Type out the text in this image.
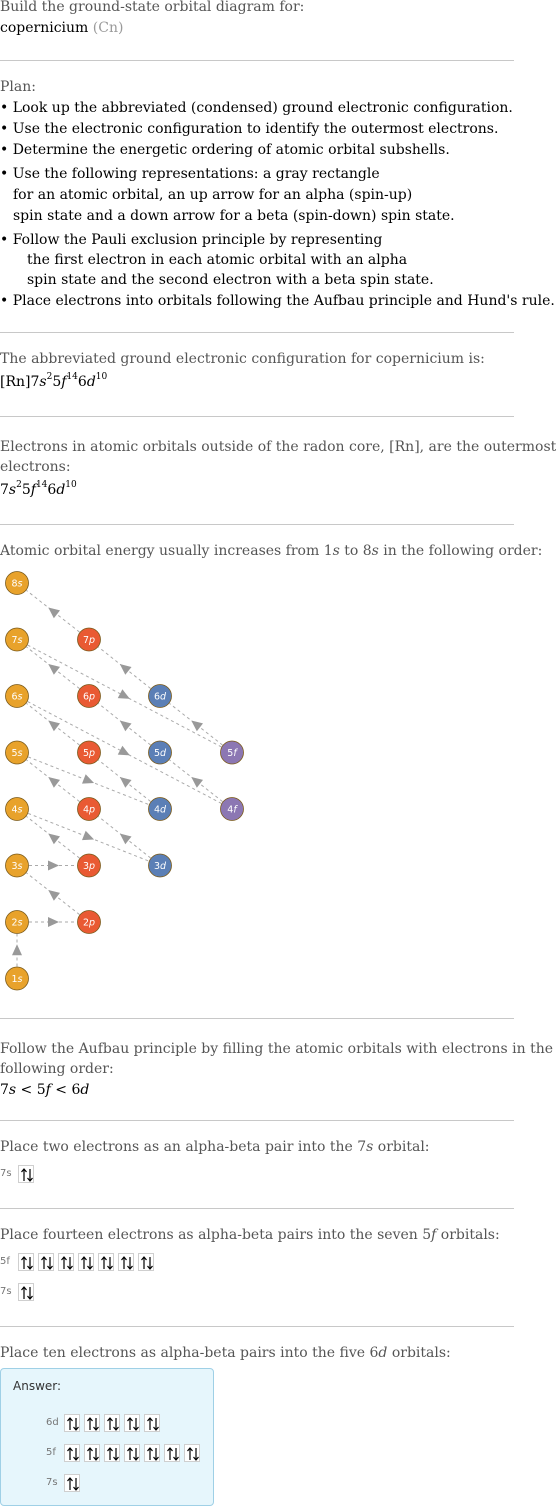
Build the ground-state orbital diagram for:
copernicium (Cn)
Plan:
• Look up the abbreviated (condensed) ground electronic configuration.
• Use the electronic configuration to identify the outermost electrons.
• Determine the energetic ordering of atomic orbital subshells.
• Use the following representations: a gray rectangle
for an atomic orbital, an up arrow for an alpha (spin-up)
spin state and a down arrow for a beta (spin-down) spin state.
• Follow the Pauli exclusion principle by representing
the first electron in each atomic orbital with an alpha
spin state and the second electron with a beta spin state.
• Place electrons into orbitals following the Aufbau principle and Hund's rule.
The abbreviated ground electronic configuration for copernicium is:
$[Rn]7s^25f^{14}6d^{10}$
Electrons in atomic orbitals outside of the radon core, [Rn], are the outermost
electrons:
$7s^25f^{14}6d^{10}$
Atomic orbital energy usually increases from 1s to 8s in the following order:
8s
7s	7p
6s	6p	6d
5s	5p	5d	5f
4s	4p	4d	4f
3s	3p	3d
2s	2p
1s
Follow the Aufbau principle by filling the atomic orbitals with electrons in the
following order:
7s < 5f < 6d
Place two electrons as an alpha-beta pair into the 7s orbital:
7s
Place fourteen electrons as alpha-beta pairs into the seven 5f orbitals:
5f
7s
Place ten electrons as alpha-beta pairs into the five 6d orbitals:
Answer:
6d
5f
7s
